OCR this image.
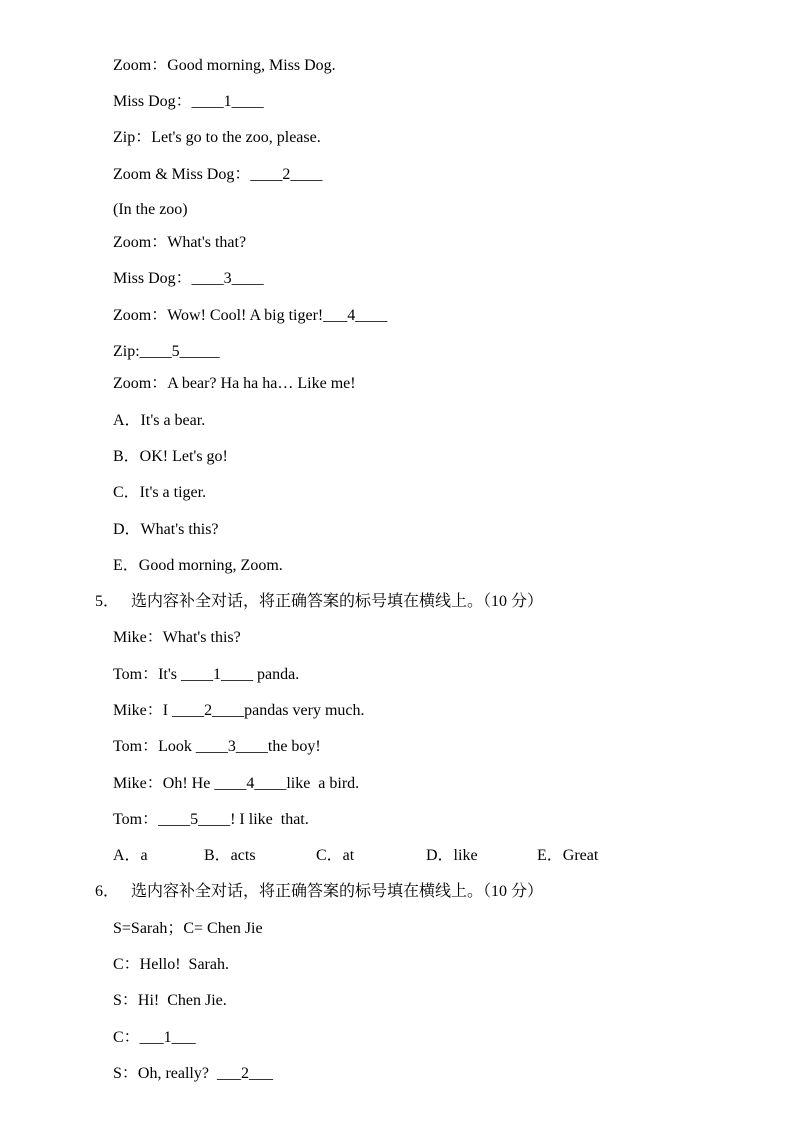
Zoom：Good morning, Miss Dog.
Miss Dog：____1____
Zip：Let's go to the zoo, please.
Zoom & Miss Dog：____2____
(In the zoo)
Zoom：What's that?
Miss Dog：____3____
Zoom：Wow! Cool! A big tiger!___4____
Zip:____5_____
Zoom：A bear? Ha ha ha… Like me!
A．It's a bear.
B．OK! Let's go!
C．It's a tiger.
D．What's this?
E．Good morning, Zoom.
5． 选内容补全对话，将正确答案的标号填在横线上。（10 分）
Mike：What's this?
Tom：It's ____1____ panda.
Mike：I ____2____pandas very much.
Tom：Look ____3____the boy!
Mike：Oh! He ____4____like  a bird.
Tom：____5____! I like  that.
A．a	B．acts	C．at	D．like	E．Great
6． 选内容补全对话，将正确答案的标号填在横线上。（10 分）
S=Sarah；C= Chen Jie
C：Hello!  Sarah.
S：Hi!  Chen Jie.
C：___1___
S：Oh, really?  ___2___
